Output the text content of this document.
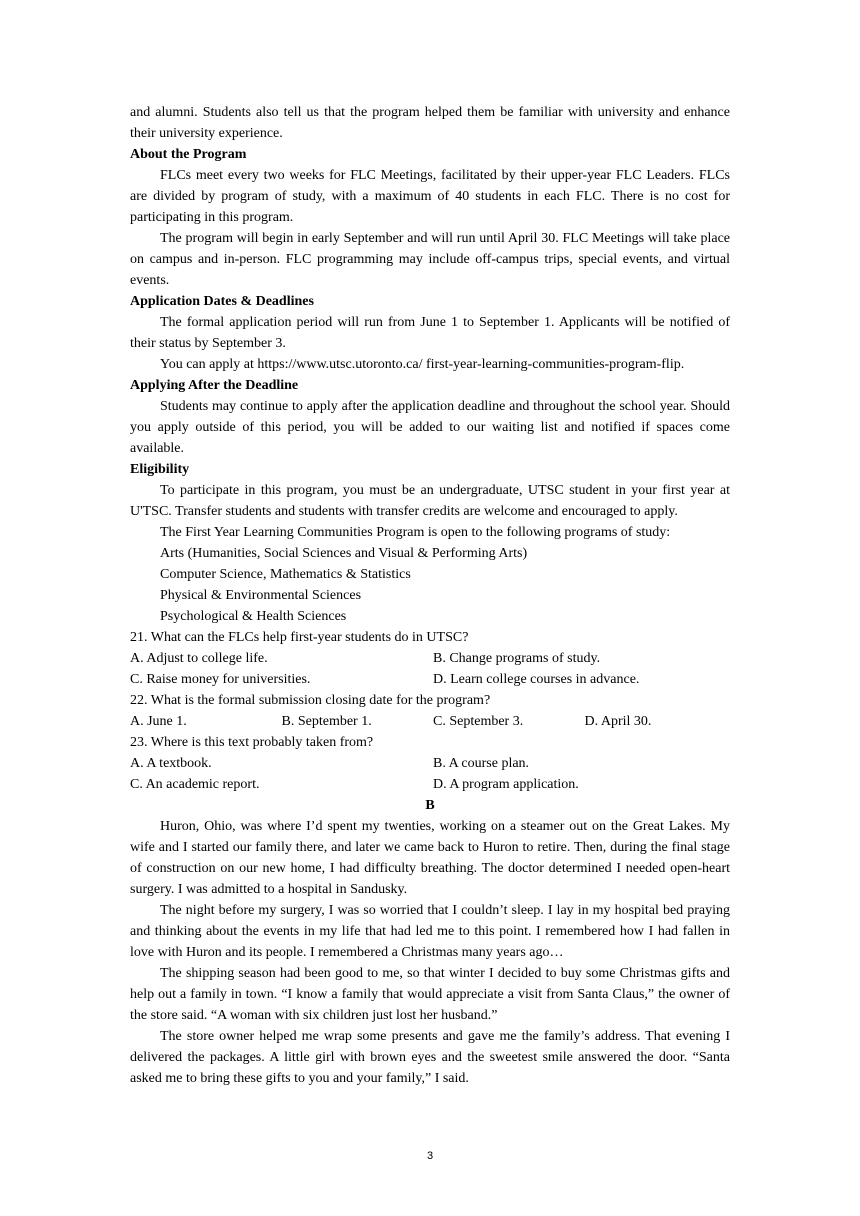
and alumni. Students also tell us that the program helped them be familiar with university and enhance their university experience.

About the Program

FLCs meet every two weeks for FLC Meetings, facilitated by their upper-year FLC Leaders. FLCs are divided by program of study, with a maximum of 40 students in each FLC. There is no cost for participating in this program.

The program will begin in early September and will run until April 30. FLC Meetings will take place on campus and in-person. FLC programming may include off-campus trips, special events, and virtual events.

Application Dates & Deadlines

The formal application period will run from June 1 to September 1. Applicants will be notified of their status by September 3.

You can apply at https://www.utsc.utoronto.ca/ first-year-learning-communities-program-flip.

Applying After the Deadline

Students may continue to apply after the application deadline and throughout the school year. Should you apply outside of this period, you will be added to our waiting list and notified if spaces come available.

Eligibility

To participate in this program, you must be an undergraduate, UTSC student in your first year at U'TSC. Transfer students and students with transfer credits are welcome and encouraged to apply.

The First Year Learning Communities Program is open to the following programs of study:

Arts (Humanities, Social Sciences and Visual & Performing Arts)
Computer Science, Mathematics & Statistics
Physical & Environmental Sciences
Psychological & Health Sciences

21. What can the FLCs help first-year students do in UTSC?

A. Adjust to college life.	B. Change programs of study.
C. Raise money for universities.	D. Learn college courses in advance.

22. What is the formal submission closing date for the program?

A. June 1.	B. September 1.	C. September 3.	D. April 30.

23. Where is this text probably taken from?

A. A textbook.	B. A course plan.
C. An academic report.	D. A program application.

B

Huron, Ohio, was where I’d spent my twenties, working on a steamer out on the Great Lakes. My wife and I started our family there, and later we came back to Huron to retire. Then, during the final stage of construction on our new home, I had difficulty breathing. The doctor determined I needed open-heart surgery. I was admitted to a hospital in Sandusky.

The night before my surgery, I was so worried that I couldn’t sleep. I lay in my hospital bed praying and thinking about the events in my life that had led me to this point. I remembered how I had fallen in love with Huron and its people. I remembered a Christmas many years ago…

The shipping season had been good to me, so that winter I decided to buy some Christmas gifts and help out a family in town. “I know a family that would appreciate a visit from Santa Claus,” the owner of the store said. “A woman with six children just lost her husband.”

The store owner helped me wrap some presents and gave me the family’s address. That evening I delivered the packages. A little girl with brown eyes and the sweetest smile answered the door. “Santa asked me to bring these gifts to you and your family,” I said.

3
